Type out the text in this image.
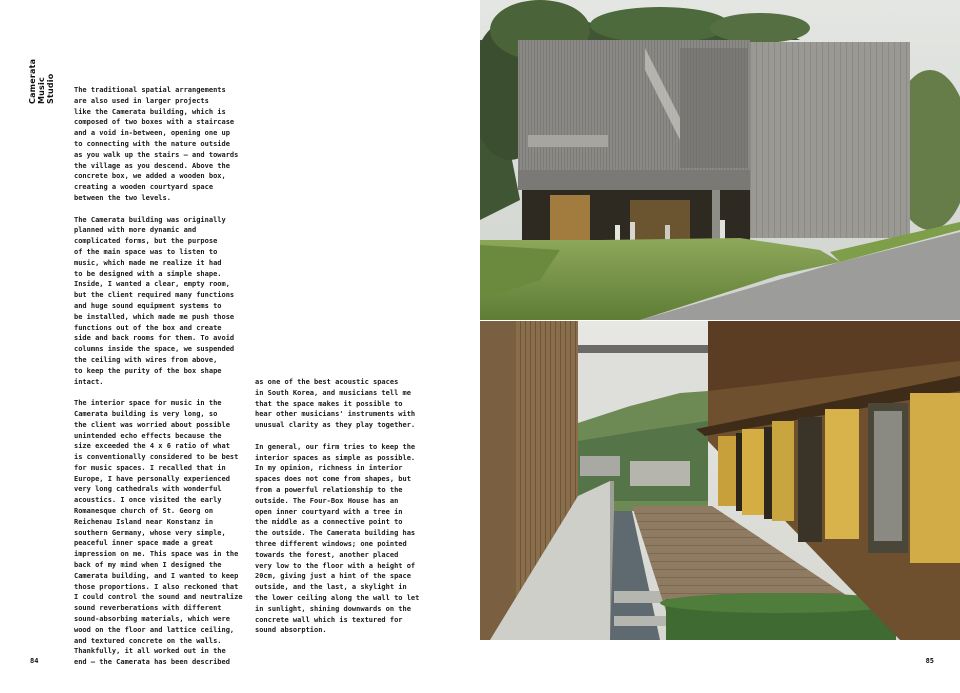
Camerata Music Studio	The traditional spatial arrangements
are also used in larger projects
like the Camerata building, which is
composed of two boxes with a staircase
and a void in-between, opening one up
to connecting with the nature outside
as you walk up the stairs – and towards
the village as you descend. Above the
concrete box, we added a wooden box,
creating a wooden courtyard space
between the two levels.

The Camerata building was originally
planned with more dynamic and
complicated forms, but the purpose
of the main space was to listen to
music, which made me realize it had
to be designed with a simple shape.
Inside, I wanted a clear, empty room,
but the client required many functions
and huge sound equipment systems to
be installed, which made me push those
functions out of the box and create
side and back rooms for them. To avoid
columns inside the space, we suspended
the ceiling with wires from above,
to keep the purity of the box shape
intact.

The interior space for music in the
Camerata building is very long, so
the client was worried about possible
unintended echo effects because the
size exceeded the 4 x 6 ratio of what
is conventionally considered to be best
for music spaces. I recalled that in
Europe, I have personally experienced
very long cathedrals with wonderful
acoustics. I once visited the early
Romanesque church of St. Georg on
Reichenau Island near Konstanz in
southern Germany, whose very simple,
peaceful inner space made a great
impression on me. This space was in the
back of my mind when I designed the
Camerata building, and I wanted to keep
those proportions. I also reckoned that
I could control the sound and neutralize
sound reverberations with different
sound-absorbing materials, which were
wood on the floor and lattice ceiling,
and textured concrete on the walls.
Thankfully, it all worked out in the
end – the Camerata has been described

as one of the best acoustic spaces
in South Korea, and musicians tell me
that the space makes it possible to
hear other musicians' instruments with
unusual clarity as they play together.

In general, our firm tries to keep the
interior spaces as simple as possible.
In my opinion, richness in interior
spaces does not come from shapes, but
from a powerful relationship to the
outside. The Four-Box House has an
open inner courtyard with a tree in
the middle as a connective point to
the outside. The Camerata building has
three different windows; one pointed
towards the forest, another placed
very low to the floor with a height of
20cm, giving just a hint of the space
outside, and the last, a skylight in
the lower ceiling along the wall to let
in sunlight, shining downwards on the
concrete wall which is textured for
sound absorption.

84	85
